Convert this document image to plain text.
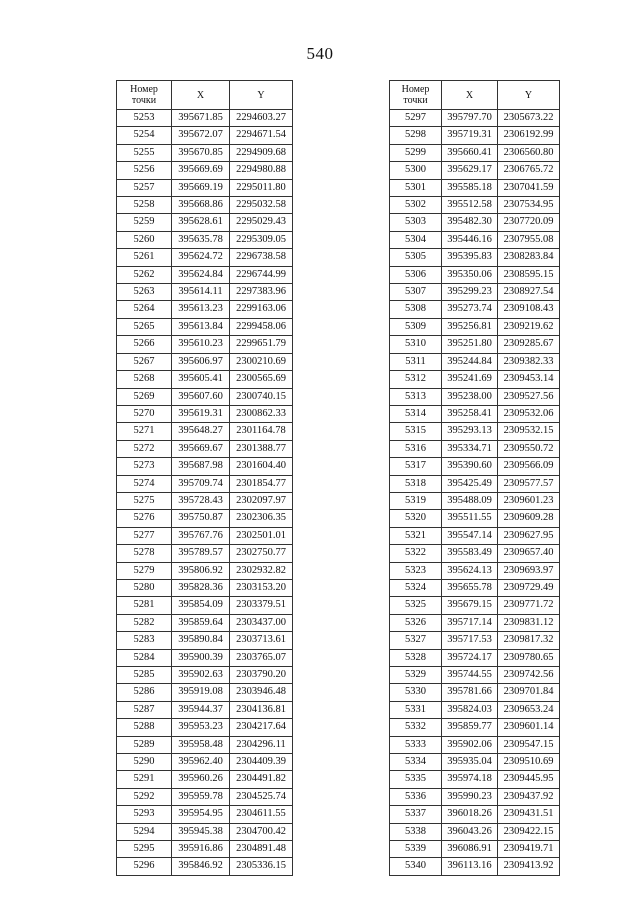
540
Номер
точки	X	Y
5253	395671.85	2294603.27
5254	395672.07	2294671.54
5255	395670.85	2294909.68
5256	395669.69	2294980.88
5257	395669.19	2295011.80
5258	395668.86	2295032.58
5259	395628.61	2295029.43
5260	395635.78	2295309.05
5261	395624.72	2296738.58
5262	395624.84	2296744.99
5263	395614.11	2297383.96
5264	395613.23	2299163.06
5265	395613.84	2299458.06
5266	395610.23	2299651.79
5267	395606.97	2300210.69
5268	395605.41	2300565.69
5269	395607.60	2300740.15
5270	395619.31	2300862.33
5271	395648.27	2301164.78
5272	395669.67	2301388.77
5273	395687.98	2301604.40
5274	395709.74	2301854.77
5275	395728.43	2302097.97
5276	395750.87	2302306.35
5277	395767.76	2302501.01
5278	395789.57	2302750.77
5279	395806.92	2302932.82
5280	395828.36	2303153.20
5281	395854.09	2303379.51
5282	395859.64	2303437.00
5283	395890.84	2303713.61
5284	395900.39	2303765.07
5285	395902.63	2303790.20
5286	395919.08	2303946.48
5287	395944.37	2304136.81
5288	395953.23	2304217.64
5289	395958.48	2304296.11
5290	395962.40	2304409.39
5291	395960.26	2304491.82
5292	395959.78	2304525.74
5293	395954.95	2304611.55
5294	395945.38	2304700.42
5295	395916.86	2304891.48
5296	395846.92	2305336.15
Номер
точки	X	Y
5297	395797.70	2305673.22
5298	395719.31	2306192.99
5299	395660.41	2306560.80
5300	395629.17	2306765.72
5301	395585.18	2307041.59
5302	395512.58	2307534.95
5303	395482.30	2307720.09
5304	395446.16	2307955.08
5305	395395.83	2308283.84
5306	395350.06	2308595.15
5307	395299.23	2308927.54
5308	395273.74	2309108.43
5309	395256.81	2309219.62
5310	395251.80	2309285.67
5311	395244.84	2309382.33
5312	395241.69	2309453.14
5313	395238.00	2309527.56
5314	395258.41	2309532.06
5315	395293.13	2309532.15
5316	395334.71	2309550.72
5317	395390.60	2309566.09
5318	395425.49	2309577.57
5319	395488.09	2309601.23
5320	395511.55	2309609.28
5321	395547.14	2309627.95
5322	395583.49	2309657.40
5323	395624.13	2309693.97
5324	395655.78	2309729.49
5325	395679.15	2309771.72
5326	395717.14	2309831.12
5327	395717.53	2309817.32
5328	395724.17	2309780.65
5329	395744.55	2309742.56
5330	395781.66	2309701.84
5331	395824.03	2309653.24
5332	395859.77	2309601.14
5333	395902.06	2309547.15
5334	395935.04	2309510.69
5335	395974.18	2309445.95
5336	395990.23	2309437.92
5337	396018.26	2309431.51
5338	396043.26	2309422.15
5339	396086.91	2309419.71
5340	396113.16	2309413.92
